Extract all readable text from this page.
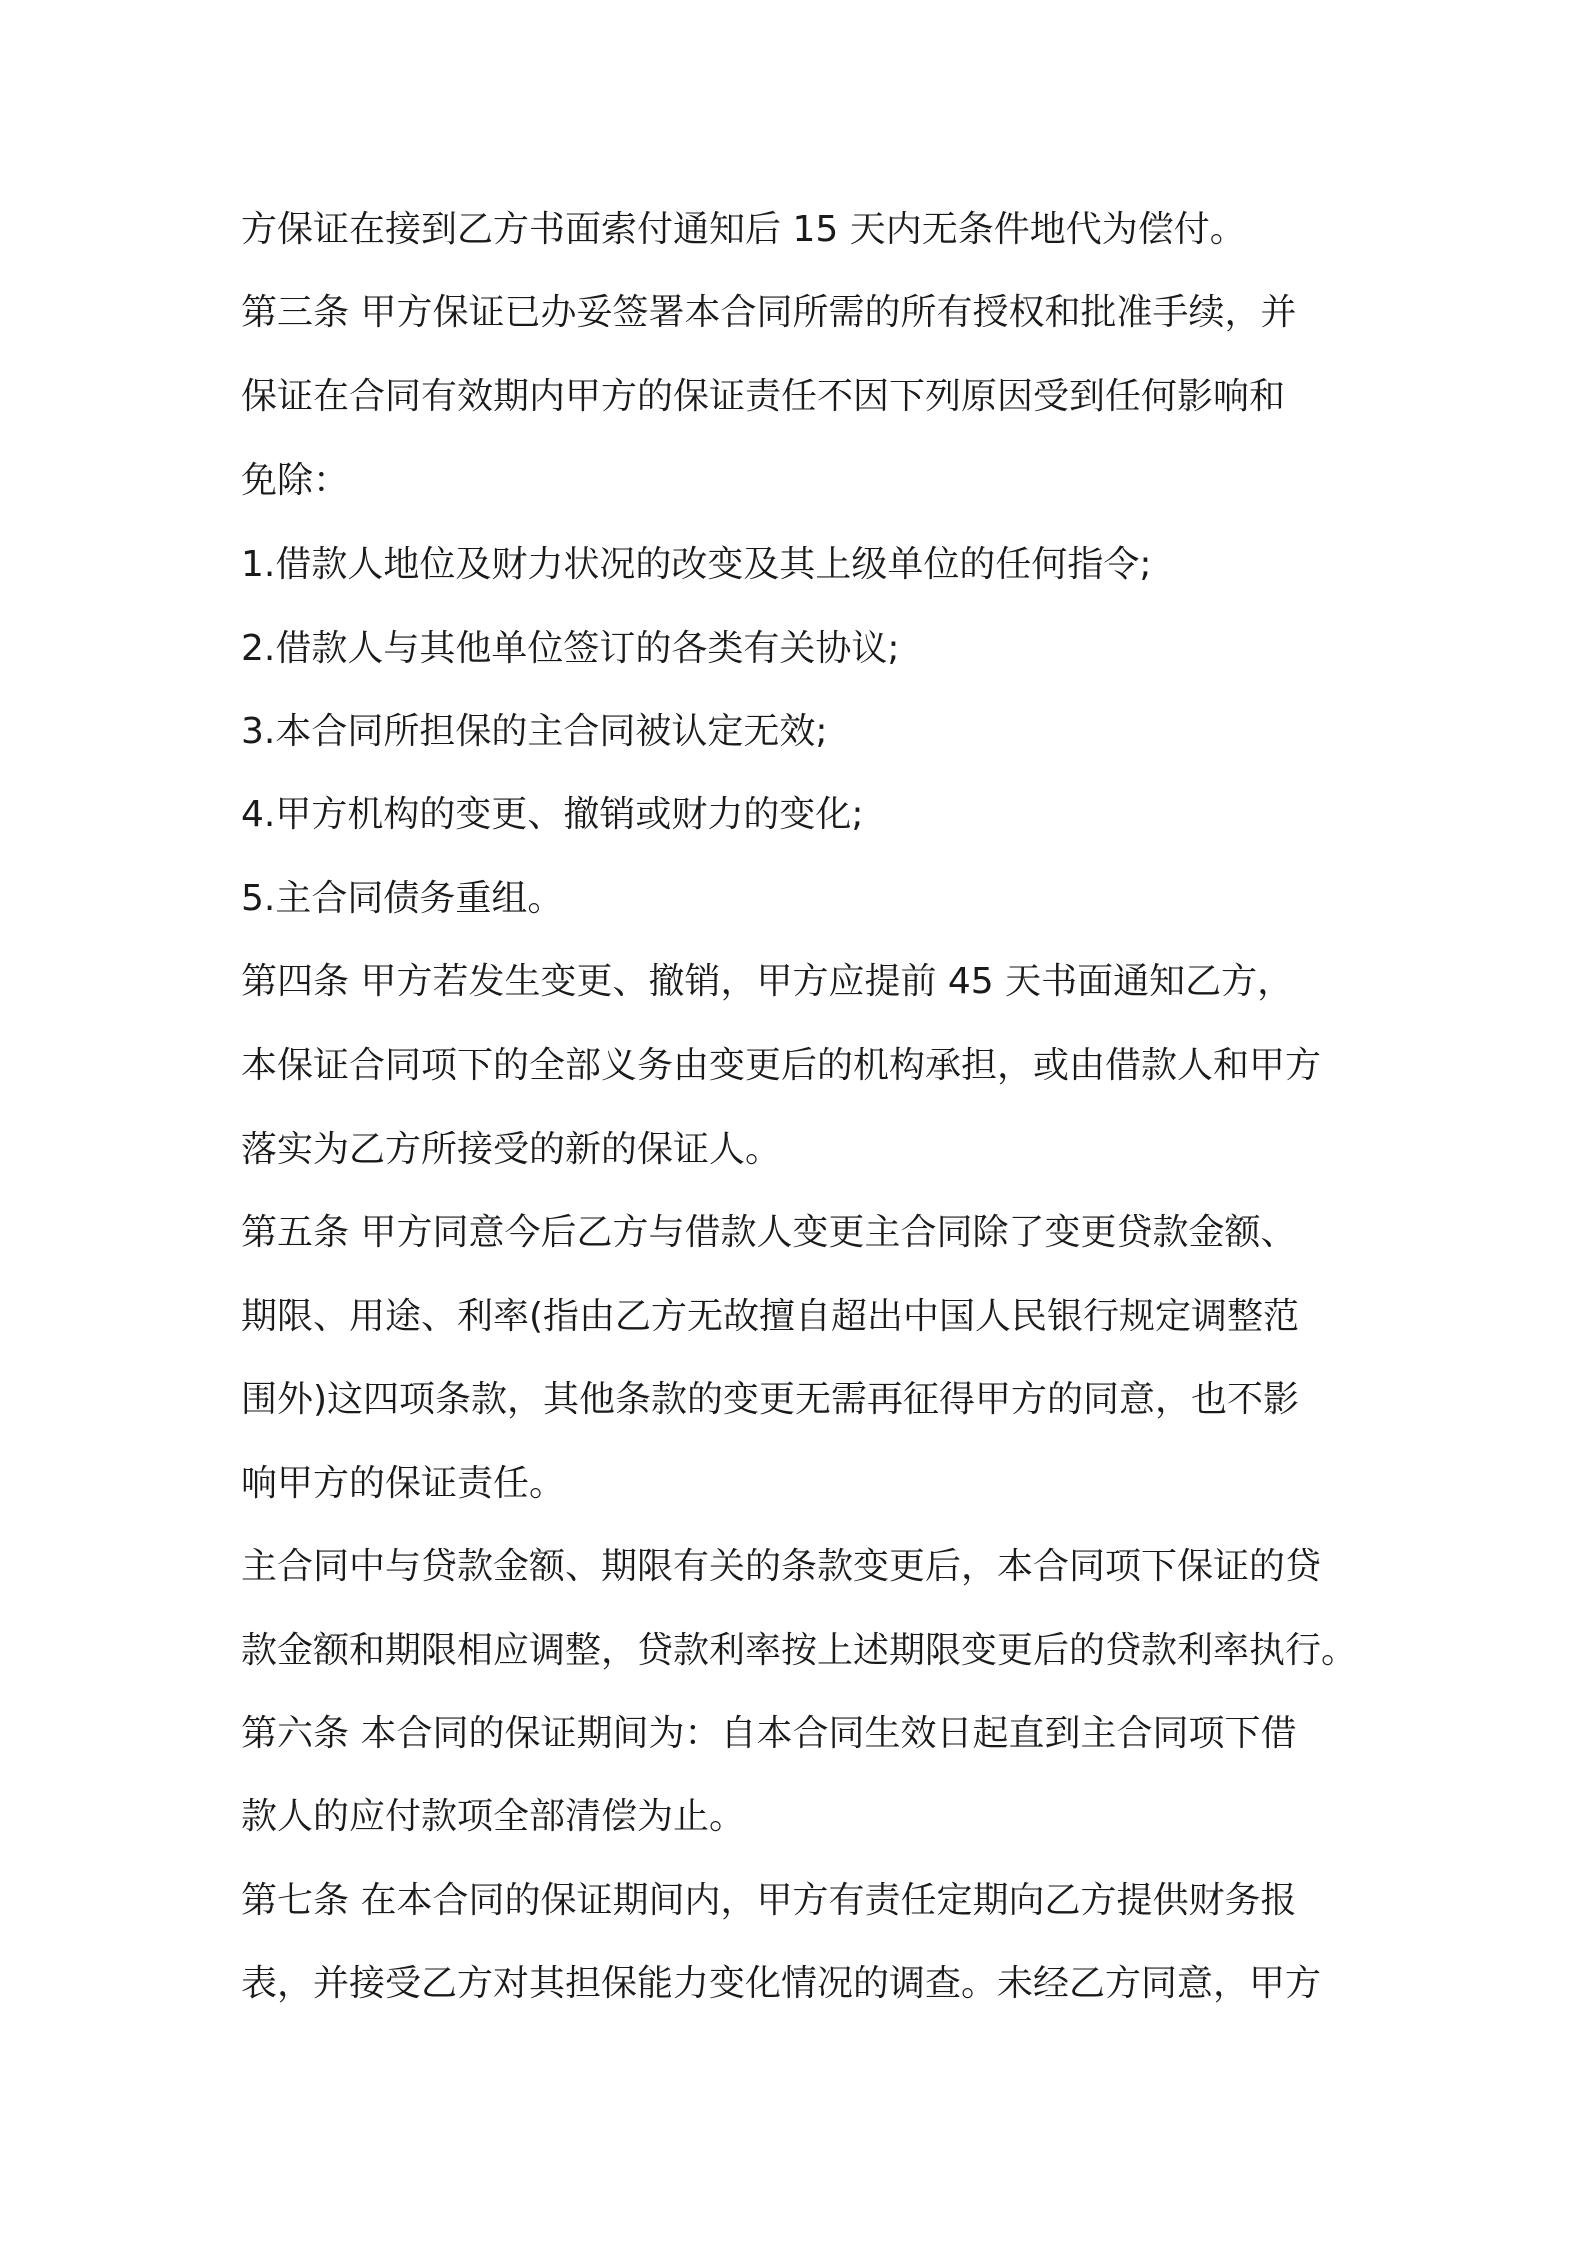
方保证在接到乙方书面索付通知后 15 天内无条件地代为偿付。
第三条 甲方保证已办妥签署本合同所需的所有授权和批准手续，并
保证在合同有效期内甲方的保证责任不因下列原因受到任何影响和
免除：
1.借款人地位及财力状况的改变及其上级单位的任何指令;
2.借款人与其他单位签订的各类有关协议;
3.本合同所担保的主合同被认定无效;
4.甲方机构的变更、撤销或财力的变化;
5.主合同债务重组。
第四条 甲方若发生变更、撤销，甲方应提前 45 天书面通知乙方，
本保证合同项下的全部义务由变更后的机构承担，或由借款人和甲方
落实为乙方所接受的新的保证人。
第五条 甲方同意今后乙方与借款人变更主合同除了变更贷款金额、
期限、用途、利率(指由乙方无故擅自超出中国人民银行规定调整范
围外)这四项条款，其他条款的变更无需再征得甲方的同意，也不影
响甲方的保证责任。
主合同中与贷款金额、期限有关的条款变更后，本合同项下保证的贷
款金额和期限相应调整，贷款利率按上述期限变更后的贷款利率执行。
第六条 本合同的保证期间为：自本合同生效日起直到主合同项下借
款人的应付款项全部清偿为止。
第七条 在本合同的保证期间内，甲方有责任定期向乙方提供财务报
表，并接受乙方对其担保能力变化情况的调查。未经乙方同意，甲方
